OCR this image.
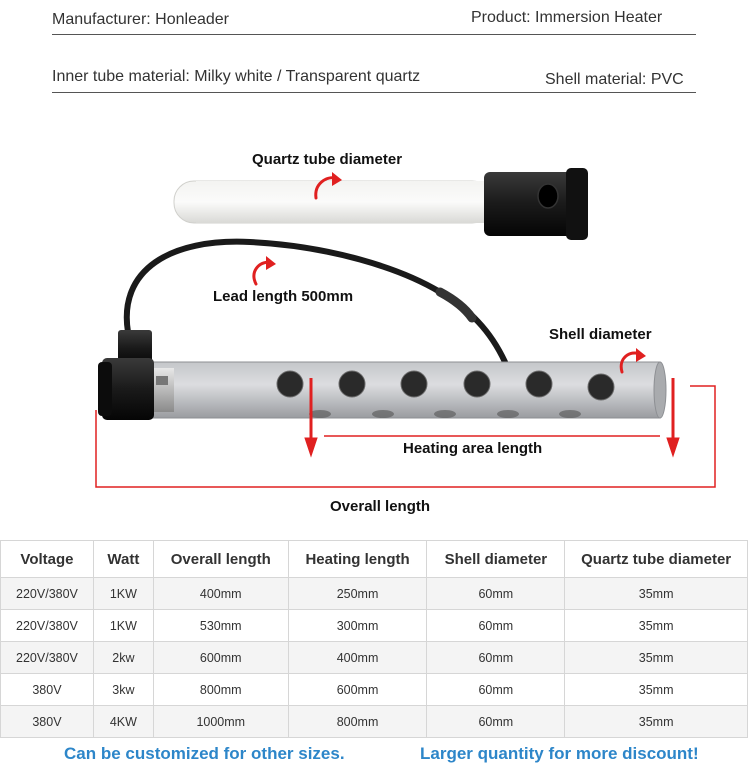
Manufacturer: Honleader	Product: Immersion Heater
Inner tube material: Milky white / Transparent quartz	Shell material: PVC
Quartz tube diameter
Lead length 500mm
Shell diameter
Heating area length
Overall length
Voltage	Watt	Overall length	Heating length	Shell diameter	Quartz tube diameter
220V/380V	1KW	400mm	250mm	60mm	35mm
220V/380V	1KW	530mm	300mm	60mm	35mm
220V/380V	2kw	600mm	400mm	60mm	35mm
380V	3kw	800mm	600mm	60mm	35mm
380V	4KW	1000mm	800mm	60mm	35mm
Can be customized for other sizes.	Larger quantity for more discount!
